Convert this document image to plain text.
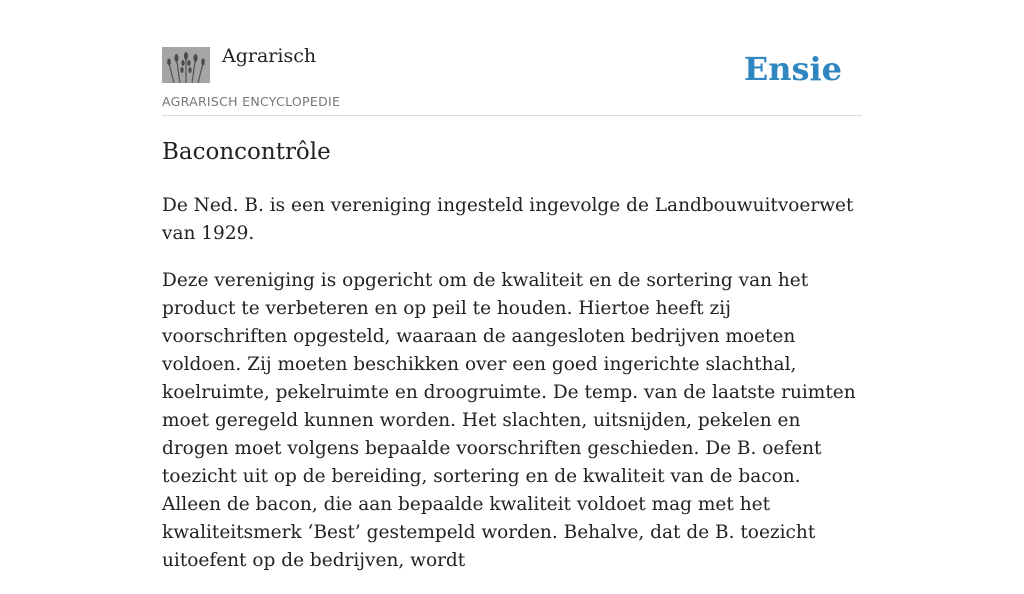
Agrarisch
AGRARISCH ENCYCLOPEDIE
Ensie
Baconcontrôle

De Ned. B. is een vereniging ingesteld ingevolge de Landbouwuitvoerwet van 1929.

Deze vereniging is opgericht om de kwaliteit en de sortering van het product te verbeteren en op peil te houden. Hiertoe heeft zij voorschriften opgesteld, waaraan de aangesloten bedrijven moeten voldoen. Zij moeten beschikken over een goed ingerichte slachthal, koelruimte, pekelruimte en droogruimte. De temp. van de laatste ruimten moet geregeld kunnen worden. Het slachten, uitsnijden, pekelen en drogen moet volgens bepaalde voorschriften geschieden. De B. oefent toezicht uit op de bereiding, sortering en de kwaliteit van de bacon. Alleen de bacon, die aan bepaalde kwaliteit voldoet mag met het kwaliteitsmerk ‘Best’ gestempeld worden. Behalve, dat de B. toezicht uitoefent op de bedrijven, wordt
